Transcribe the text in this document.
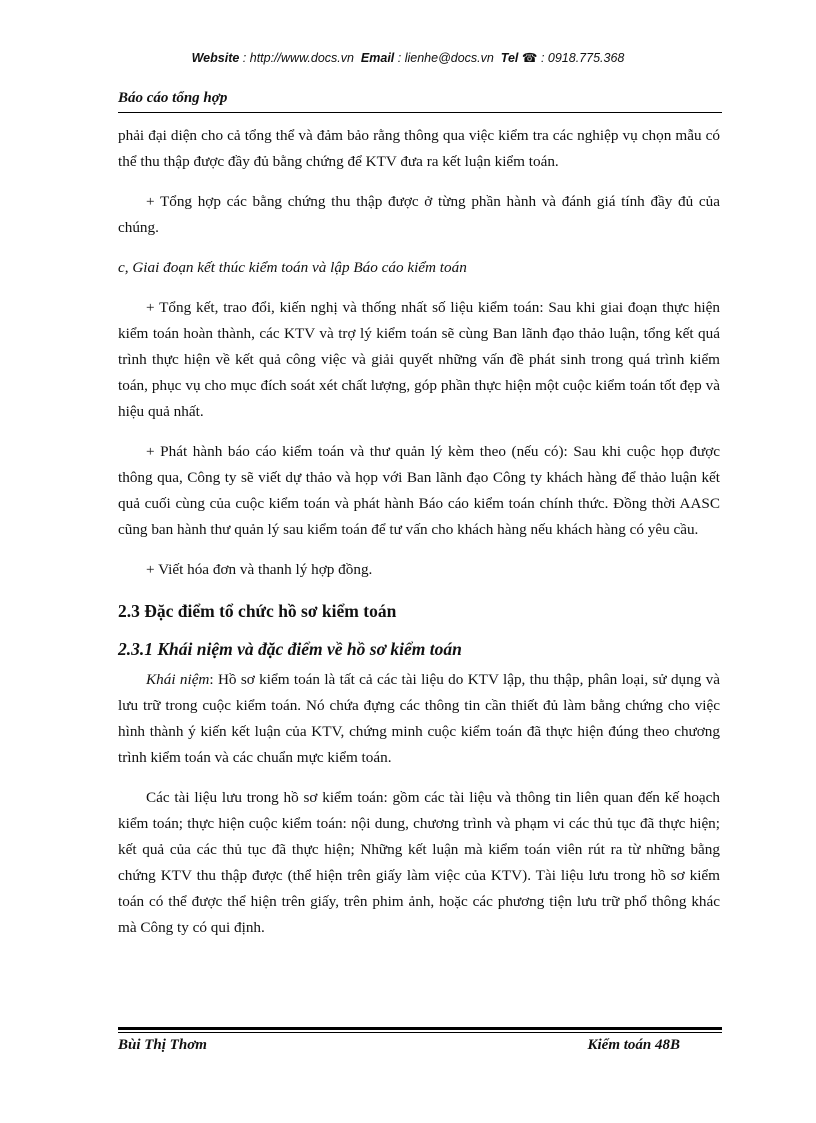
Website : http://www.docs.vn Email : lienhe@docs.vn Tel ☎ : 0918.775.368
Báo cáo tổng hợp

phải đại diện cho cả tổng thể và đảm bảo rằng thông qua việc kiểm tra các nghiệp vụ chọn mẫu có thể thu thập được đầy đủ bằng chứng để KTV đưa ra kết luận kiểm toán.

+ Tổng hợp các bằng chứng thu thập được ở từng phần hành và đánh giá tính đầy đủ của chúng.

c, Giai đoạn kết thúc kiểm toán và lập Báo cáo kiểm toán

+ Tổng kết, trao đổi, kiến nghị và thống nhất số liệu kiểm toán: Sau khi giai đoạn thực hiện kiểm toán hoàn thành, các KTV và trợ lý kiểm toán sẽ cùng Ban lãnh đạo thảo luận, tổng kết quá trình thực hiện về kết quả công việc và giải quyết những vấn đề phát sinh trong quá trình kiểm toán, phục vụ cho mục đích soát xét chất lượng, góp phần thực hiện một cuộc kiểm toán tốt đẹp và hiệu quả nhất.

+ Phát hành báo cáo kiểm toán và thư quản lý kèm theo (nếu có): Sau khi cuộc họp được thông qua, Công ty sẽ viết dự thảo và họp với Ban lãnh đạo Công ty khách hàng để thảo luận kết quả cuối cùng của cuộc kiểm toán và phát hành Báo cáo kiểm toán chính thức. Đồng thời AASC cũng ban hành thư quản lý sau kiểm toán để tư vấn cho khách hàng nếu khách hàng có yêu cầu.

+ Viết hóa đơn và thanh lý hợp đồng.

2.3 Đặc điểm tổ chức hồ sơ kiểm toán
2.3.1 Khái niệm và đặc điểm về hồ sơ kiểm toán

Khái niệm: Hồ sơ kiểm toán là tất cả các tài liệu do KTV lập, thu thập, phân loại, sử dụng và lưu trữ trong cuộc kiểm toán. Nó chứa đựng các thông tin cần thiết đủ làm bằng chứng cho việc hình thành ý kiến kết luận của KTV, chứng minh cuộc kiểm toán đã thực hiện đúng theo chương trình kiểm toán và các chuẩn mực kiểm toán.

Các tài liệu lưu trong hồ sơ kiểm toán: gồm các tài liệu và thông tin liên quan đến kế hoạch kiểm toán; thực hiện cuộc kiểm toán: nội dung, chương trình và phạm vi các thủ tục đã thực hiện; kết quả của các thủ tục đã thực hiện; Những kết luận mà kiểm toán viên rút ra từ những bằng chứng KTV thu thập được (thể hiện trên giấy làm việc của KTV). Tài liệu lưu trong hồ sơ kiểm toán có thể được thể hiện trên giấy, trên phim ảnh, hoặc các phương tiện lưu trữ phổ thông khác mà Công ty có qui định.

Bùi Thị Thơm	Kiểm toán 48B
